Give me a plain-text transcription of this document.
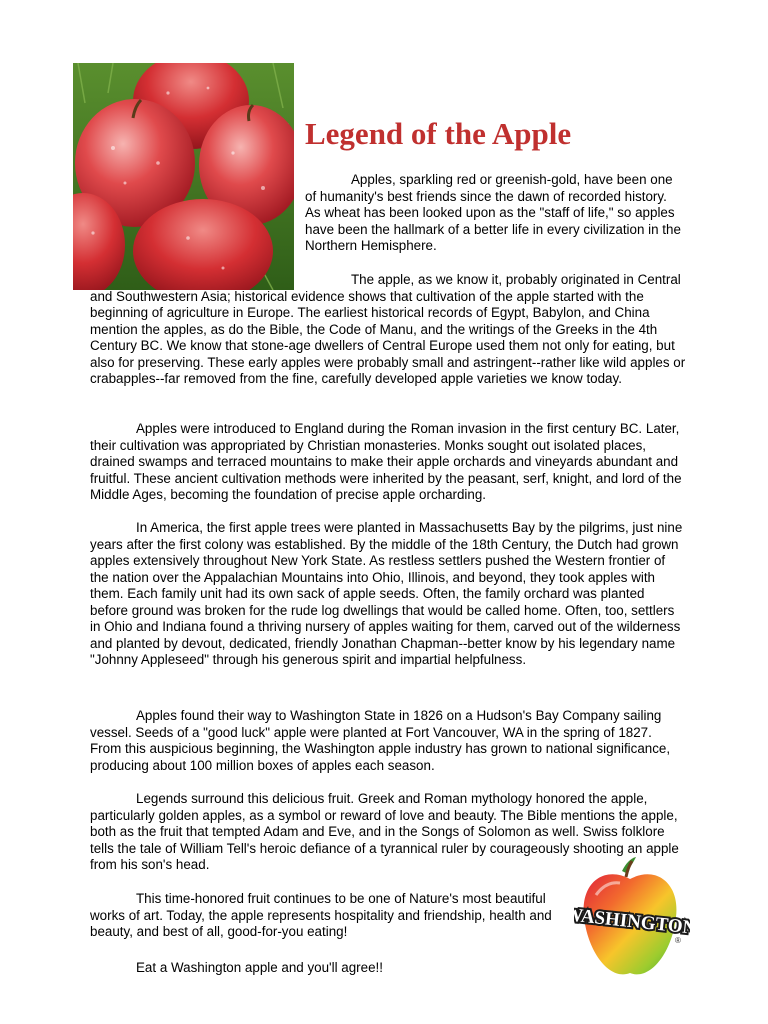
Legend of the Apple

Apples, sparkling red or greenish-gold, have been one of humanity's best friends since the dawn of recorded history. As wheat has been looked upon as the "staff of life," so apples have been the hallmark of a better life in every civilization in the Northern Hemisphere.

The apple, as we know it, probably originated in Central and Southwestern Asia; historical evidence shows that cultivation of the apple started with the beginning of agriculture in Europe. The earliest historical records of Egypt, Babylon, and China mention the apples, as do the Bible, the Code of Manu, and the writings of the Greeks in the 4th Century BC. We know that stone-age dwellers of Central Europe used them not only for eating, but also for preserving. These early apples were probably small and astringent--rather like wild apples or crabapples--far removed from the fine, carefully developed apple varieties we know today.

Apples were introduced to England during the Roman invasion in the first century BC. Later, their cultivation was appropriated by Christian monasteries. Monks sought out isolated places, drained swamps and terraced mountains to make their apple orchards and vineyards abundant and fruitful. These ancient cultivation methods were inherited by the peasant, serf, knight, and lord of the Middle Ages, becoming the foundation of precise apple orcharding.

In America, the first apple trees were planted in Massachusetts Bay by the pilgrims, just nine years after the first colony was established. By the middle of the 18th Century, the Dutch had grown apples extensively throughout New York State. As restless settlers pushed the Western frontier of the nation over the Appalachian Mountains into Ohio, Illinois, and beyond, they took apples with them. Each family unit had its own sack of apple seeds. Often, the family orchard was planted before ground was broken for the rude log dwellings that would be called home. Often, too, settlers in Ohio and Indiana found a thriving nursery of apples waiting for them, carved out of the wilderness and planted by devout, dedicated, friendly Jonathan Chapman--better know by his legendary name "Johnny Appleseed" through his generous spirit and impartial helpfulness.

Apples found their way to Washington State in 1826 on a Hudson's Bay Company sailing vessel. Seeds of a "good luck" apple were planted at Fort Vancouver, WA in the spring of 1827. From this auspicious beginning, the Washington apple industry has grown to national significance, producing about 100 million boxes of apples each season.

Legends surround this delicious fruit. Greek and Roman mythology honored the apple, particularly golden apples, as a symbol or reward of love and beauty. The Bible mentions the apple, both as the fruit that tempted Adam and Eve, and in the Songs of Solomon as well. Swiss folklore tells the tale of William Tell's heroic defiance of a tyrannical ruler by courageously shooting an apple from his son's head.

This time-honored fruit continues to be one of Nature's most beautiful works of art. Today, the apple represents hospitality and friendship, health and beauty, and best of all, good-for-you eating!

Eat a Washington apple and you'll agree!!

WASHINGTON
®
